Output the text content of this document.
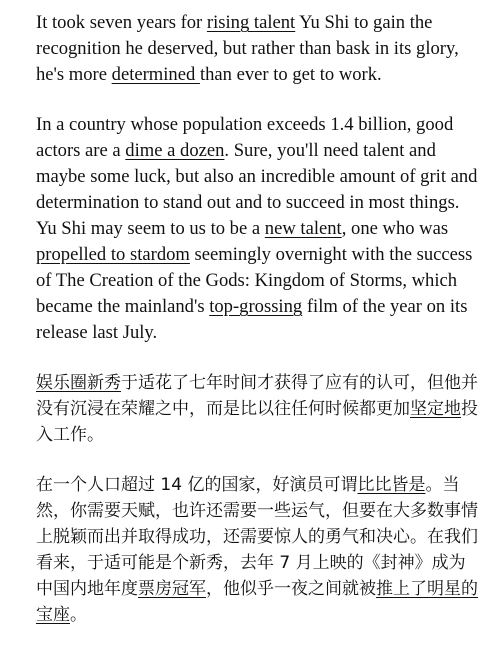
It took seven years for rising talent Yu Shi to gain the recognition he deserved, but rather than bask in its glory, he's more determined than ever to get to work.

In a country whose population exceeds 1.4 billion, good actors are a dime a dozen. Sure, you'll need talent and maybe some luck, but also an incredible amount of grit and determination to stand out and to succeed in most things. Yu Shi may seem to us to be a new talent, one who was propelled to stardom seemingly overnight with the success of The Creation of the Gods: Kingdom of Storms, which became the mainland's top-grossing film of the year on its release last July.

娱乐圈新秀于适花了七年时间才获得了应有的认可，但他并没有沉浸在荣耀之中，而是比以往任何时候都更加坚定地投入工作。

在一个人口超过 14 亿的国家，好演员可谓比比皆是。当然，你需要天赋，也许还需要一些运气，但要在大多数事情上脱颖而出并取得成功，还需要惊人的勇气和决心。在我们看来，于适可能是个新秀，去年 7 月上映的《封神》成为中国内地年度票房冠军，他似乎一夜之间就被推上了明星的宝座。
